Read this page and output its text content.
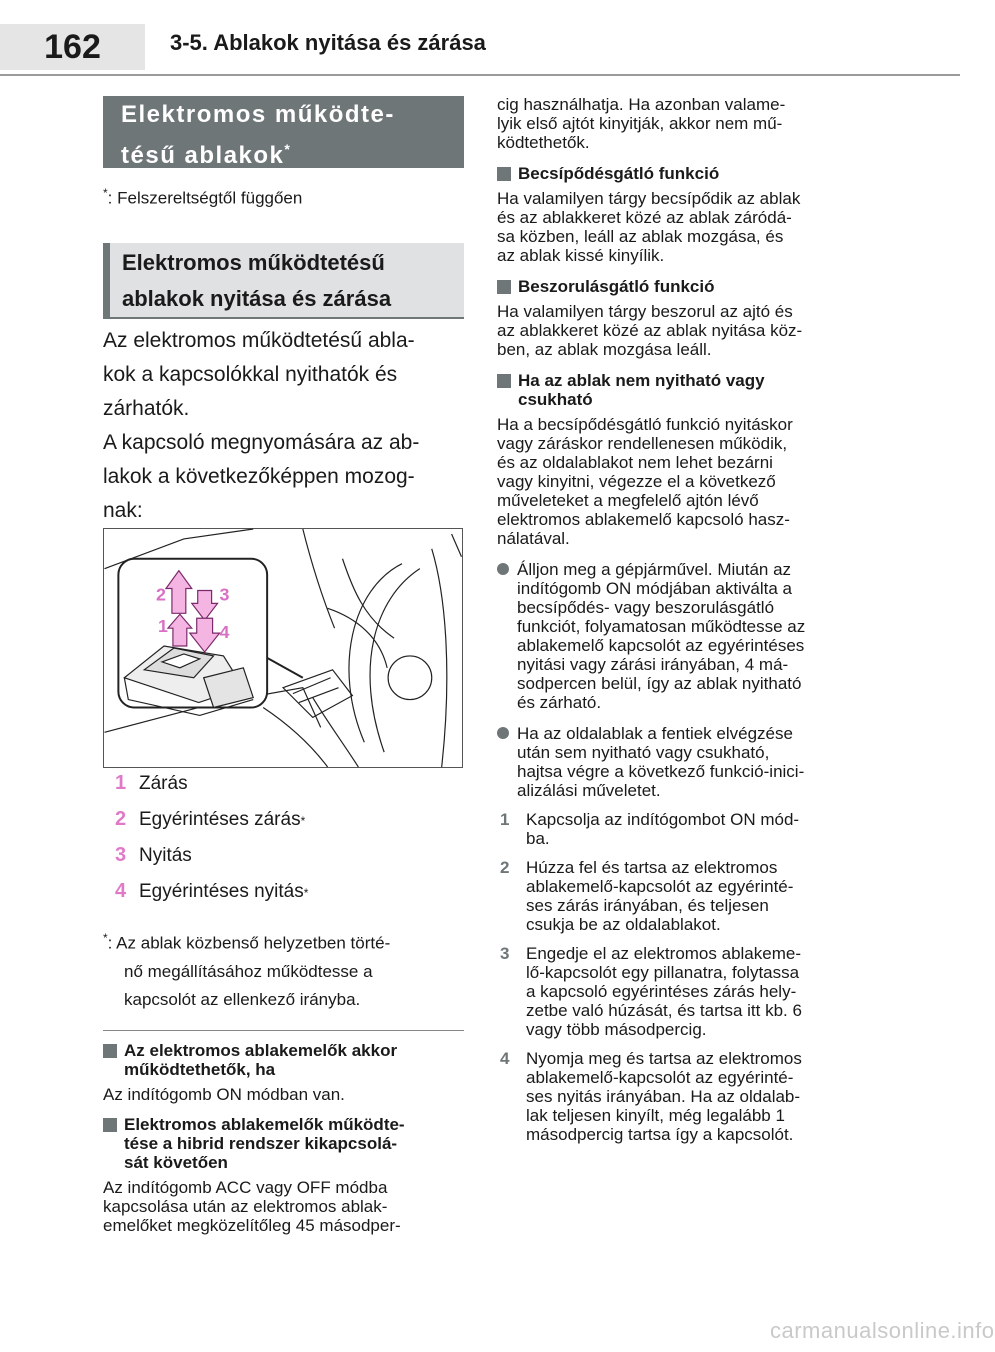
162	3-5. Ablakok nyitása és zárása
Elektromos működte-
tésű ablakok*
*: Felszereltségtől függően
Elektromos működtetésű
ablakok nyitása és zárása
Az elektromos működtetésű abla-
kok a kapcsolókkal nyithatók és
zárhatók.
A kapcsoló megnyomására az ab-
lakok a következőképpen mozog-
nak:
2
1
3
4
1 Zárás
2 Egyérintéses zárás *
3 Nyitás
4 Egyérintéses nyitás *
*: Az ablak közbenső helyzetben törté-
nő megállításához működtesse a
kapcsolót az ellenkező irányba.
Az elektromos ablakemelők akkor
működtethetők, ha
Az indítógomb ON módban van.
Elektromos ablakemelők működte-
tése a hibrid rendszer kikapcsolá-
sát követően
Az indítógomb ACC vagy OFF módba
kapcsolása után az elektromos ablak-
emelőket megközelítőleg 45 másodper-
cig használhatja. Ha azonban valame-
lyik első ajtót kinyitják, akkor nem mű-
ködtethetők.
Becsípődésgátló funkció
Ha valamilyen tárgy becsípődik az ablak
és az ablakkeret közé az ablak záródá-
sa közben, leáll az ablak mozgása, és
az ablak kissé kinyílik.
Beszorulásgátló funkció
Ha valamilyen tárgy beszorul az ajtó és
az ablakkeret közé az ablak nyitása köz-
ben, az ablak mozgása leáll.
Ha az ablak nem nyitható vagy
csukható
Ha a becsípődésgátló funkció nyitáskor
vagy záráskor rendellenesen működik,
és az oldalablakot nem lehet bezárni
vagy kinyitni, végezze el a következő
műveleteket a megfelelő ajtón lévő
elektromos ablakemelő kapcsoló hasz-
nálatával.
Álljon meg a gépjárművel. Miután az
indítógomb ON módjában aktiválta a
becsípődés- vagy beszorulásgátló
funkciót, folyamatosan működtesse az
ablakemelő kapcsolót az egyérintéses
nyitási vagy zárási irányában, 4 má-
sodpercen belül, így az ablak nyitható
és zárható.
Ha az oldalablak a fentiek elvégzése
után sem nyitható vagy csukható,
hajtsa végre a következő funkció-inici-
alizálási műveletet.
1 Kapcsolja az indítógombot ON mód-
ba.
2 Húzza fel és tartsa az elektromos
ablakemelő-kapcsolót az egyérinté-
ses zárás irányában, és teljesen
csukja be az oldalablakot.
3 Engedje el az elektromos ablakeme-
lő-kapcsolót egy pillanatra, folytassa
a kapcsoló egyérintéses zárás hely-
zetbe való húzását, és tartsa itt kb. 6
vagy több másodpercig.
4 Nyomja meg és tartsa az elektromos
ablakemelő-kapcsolót az egyérinté-
ses nyitás irányában. Ha az oldalab-
lak teljesen kinyílt, még legalább 1
másodpercig tartsa így a kapcsolót.
carmanualsonline.info
